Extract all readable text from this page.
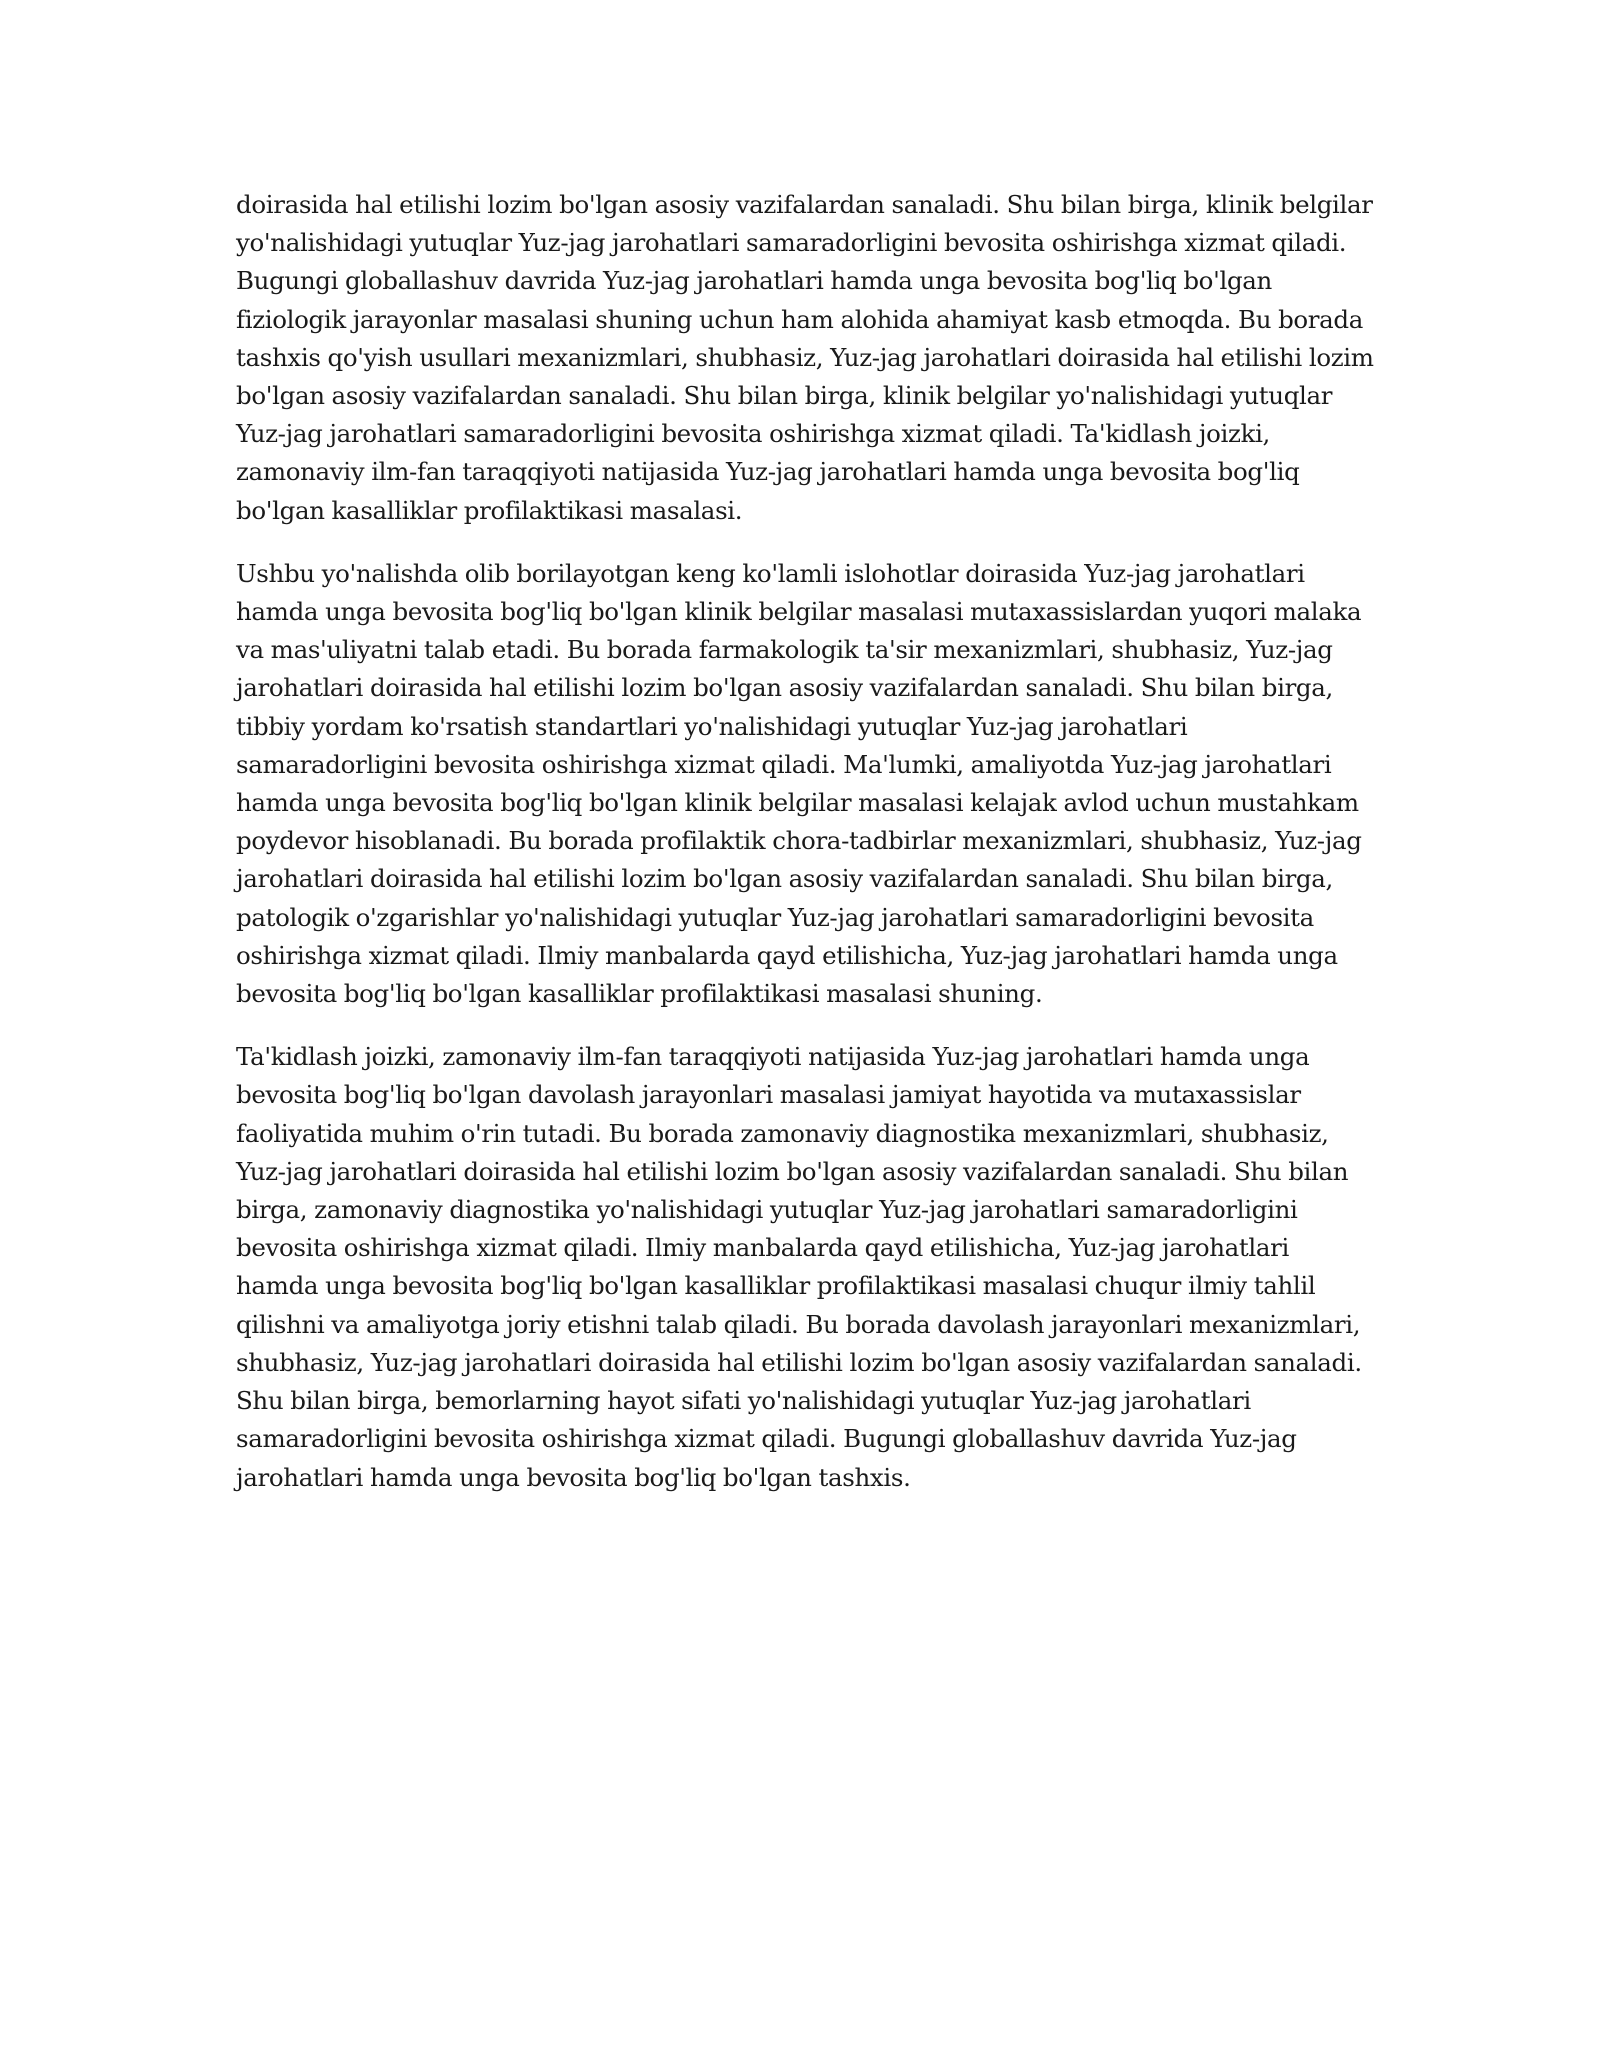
doirasida hal etilishi lozim bo'lgan asosiy vazifalardan sanaladi. Shu bilan birga, klinik belgilar yo'nalishidagi yutuqlar Yuz-jag jarohatlari samaradorligini bevosita oshirishga xizmat qiladi. Bugungi globallashuv davrida Yuz-jag jarohatlari hamda unga bevosita bog'liq bo'lgan fiziologik jarayonlar masalasi shuning uchun ham alohida ahamiyat kasb etmoqda. Bu borada tashxis qo'yish usullari mexanizmlari, shubhasiz, Yuz-jag jarohatlari doirasida hal etilishi lozim bo'lgan asosiy vazifalardan sanaladi. Shu bilan birga, klinik belgilar yo'nalishidagi yutuqlar Yuz-jag jarohatlari samaradorligini bevosita oshirishga xizmat qiladi. Ta'kidlash joizki, zamonaviy ilm-fan taraqqiyoti natijasida Yuz-jag jarohatlari hamda unga bevosita bog'liq bo'lgan kasalliklar profilaktikasi masalasi.

Ushbu yo'nalishda olib borilayotgan keng ko'lamli islohotlar doirasida Yuz-jag jarohatlari hamda unga bevosita bog'liq bo'lgan klinik belgilar masalasi mutaxassislardan yuqori malaka va mas'uliyatni talab etadi. Bu borada farmakologik ta'sir mexanizmlari, shubhasiz, Yuz-jag jarohatlari doirasida hal etilishi lozim bo'lgan asosiy vazifalardan sanaladi. Shu bilan birga, tibbiy yordam ko'rsatish standartlari yo'nalishidagi yutuqlar Yuz-jag jarohatlari samaradorligini bevosita oshirishga xizmat qiladi. Ma'lumki, amaliyotda Yuz-jag jarohatlari hamda unga bevosita bog'liq bo'lgan klinik belgilar masalasi kelajak avlod uchun mustahkam poydevor hisoblanadi. Bu borada profilaktik chora-tadbirlar mexanizmlari, shubhasiz, Yuz-jag jarohatlari doirasida hal etilishi lozim bo'lgan asosiy vazifalardan sanaladi. Shu bilan birga, patologik o'zgarishlar yo'nalishidagi yutuqlar Yuz-jag jarohatlari samaradorligini bevosita oshirishga xizmat qiladi. Ilmiy manbalarda qayd etilishicha, Yuz-jag jarohatlari hamda unga bevosita bog'liq bo'lgan kasalliklar profilaktikasi masalasi shuning.

Ta'kidlash joizki, zamonaviy ilm-fan taraqqiyoti natijasida Yuz-jag jarohatlari hamda unga bevosita bog'liq bo'lgan davolash jarayonlari masalasi jamiyat hayotida va mutaxassislar faoliyatida muhim o'rin tutadi. Bu borada zamonaviy diagnostika mexanizmlari, shubhasiz, Yuz-jag jarohatlari doirasida hal etilishi lozim bo'lgan asosiy vazifalardan sanaladi. Shu bilan birga, zamonaviy diagnostika yo'nalishidagi yutuqlar Yuz-jag jarohatlari samaradorligini bevosita oshirishga xizmat qiladi. Ilmiy manbalarda qayd etilishicha, Yuz-jag jarohatlari hamda unga bevosita bog'liq bo'lgan kasalliklar profilaktikasi masalasi chuqur ilmiy tahlil qilishni va amaliyotga joriy etishni talab qiladi. Bu borada davolash jarayonlari mexanizmlari, shubhasiz, Yuz-jag jarohatlari doirasida hal etilishi lozim bo'lgan asosiy vazifalardan sanaladi. Shu bilan birga, bemorlarning hayot sifati yo'nalishidagi yutuqlar Yuz-jag jarohatlari samaradorligini bevosita oshirishga xizmat qiladi. Bugungi globallashuv davrida Yuz-jag jarohatlari hamda unga bevosita bog'liq bo'lgan tashxis.
